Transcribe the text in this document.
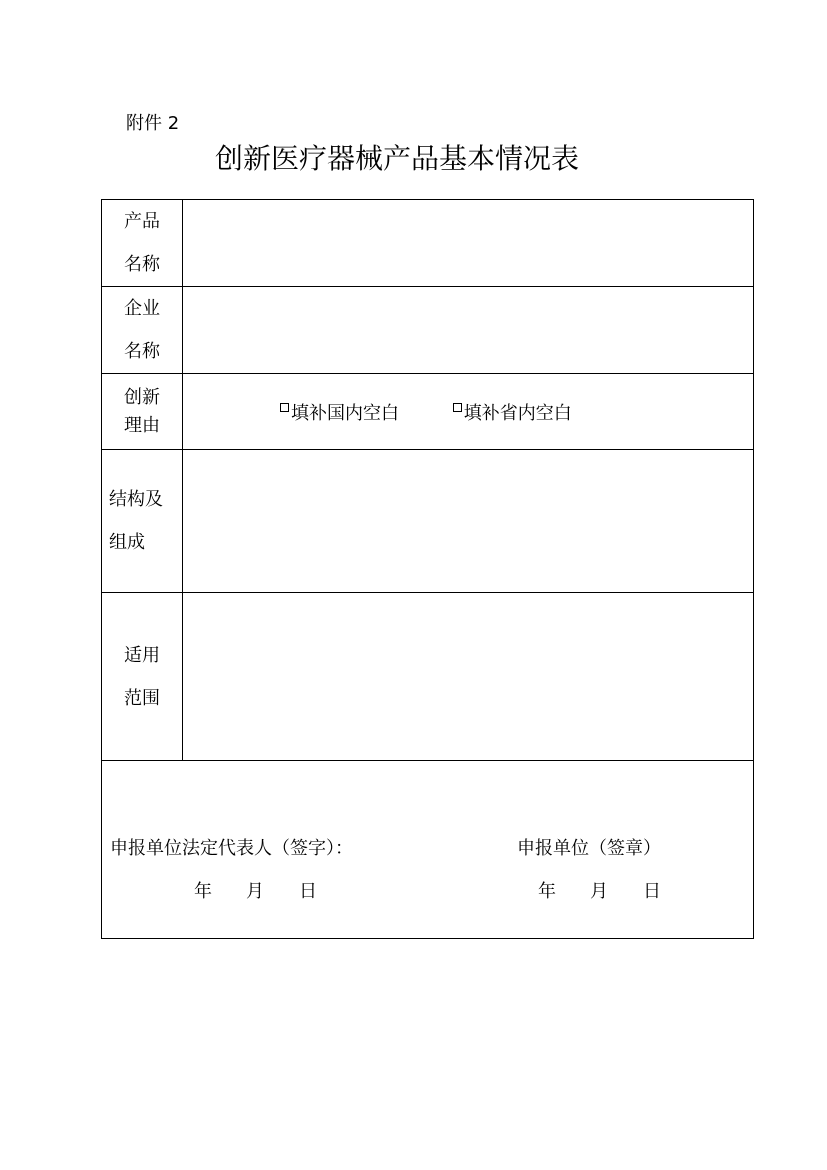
附件 2
创新医疗器械产品基本情况表
产品
名称	

企业
名称	

创新
理由	填补国内空白 填补省内空白

结构及
组成	

适用
范围	

申报单位法定代表人（签字）：
年 月 日
申报单位（签章）
年 月 日
